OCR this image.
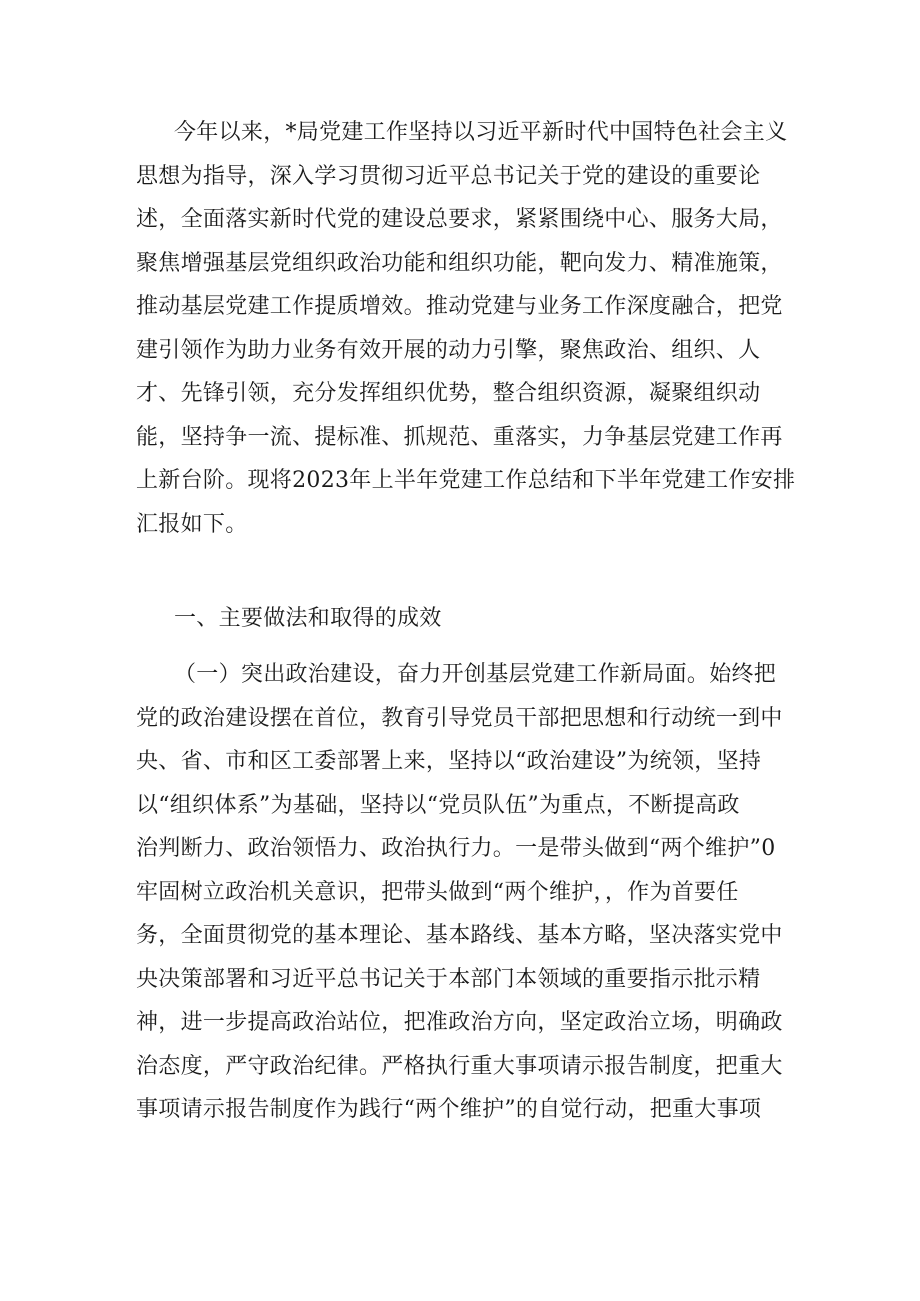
今年以来，*局党建工作坚持以习近平新时代中国特色社会主义
思想为指导，深入学习贯彻习近平总书记关于党的建设的重要论
述，全面落实新时代党的建设总要求，紧紧围绕中心、服务大局，
聚焦增强基层党组织政治功能和组织功能，靶向发力、精准施策，
推动基层党建工作提质增效。推动党建与业务工作深度融合，把党
建引领作为助力业务有效开展的动力引擎，聚焦政治、组织、人
才、先锋引领，充分发挥组织优势，整合组织资源，凝聚组织动
能，坚持争一流、提标准、抓规范、重落实，力争基层党建工作再
上新台阶。现将2023年上半年党建工作总结和下半年党建工作安排
汇报如下。

一、主要做法和取得的成效

（一）突出政治建设，奋力开创基层党建工作新局面。始终把
党的政治建设摆在首位，教育引导党员干部把思想和行动统一到中
央、省、市和区工委部署上来，坚持以“政治建设”为统领，坚持
以“组织体系”为基础，坚持以“党员队伍”为重点，不断提高政
治判断力、政治领悟力、政治执行力。一是带头做到“两个维护”0
牢固树立政治机关意识，把带头做到“两个维护，，作为首要任
务，全面贯彻党的基本理论、基本路线、基本方略，坚决落实党中
央决策部署和习近平总书记关于本部门本领域的重要指示批示精
神，进一步提高政治站位，把准政治方向，坚定政治立场，明确政
治态度，严守政治纪律。严格执行重大事项请示报告制度，把重大
事项请示报告制度作为践行“两个维护”的自觉行动，把重大事项
